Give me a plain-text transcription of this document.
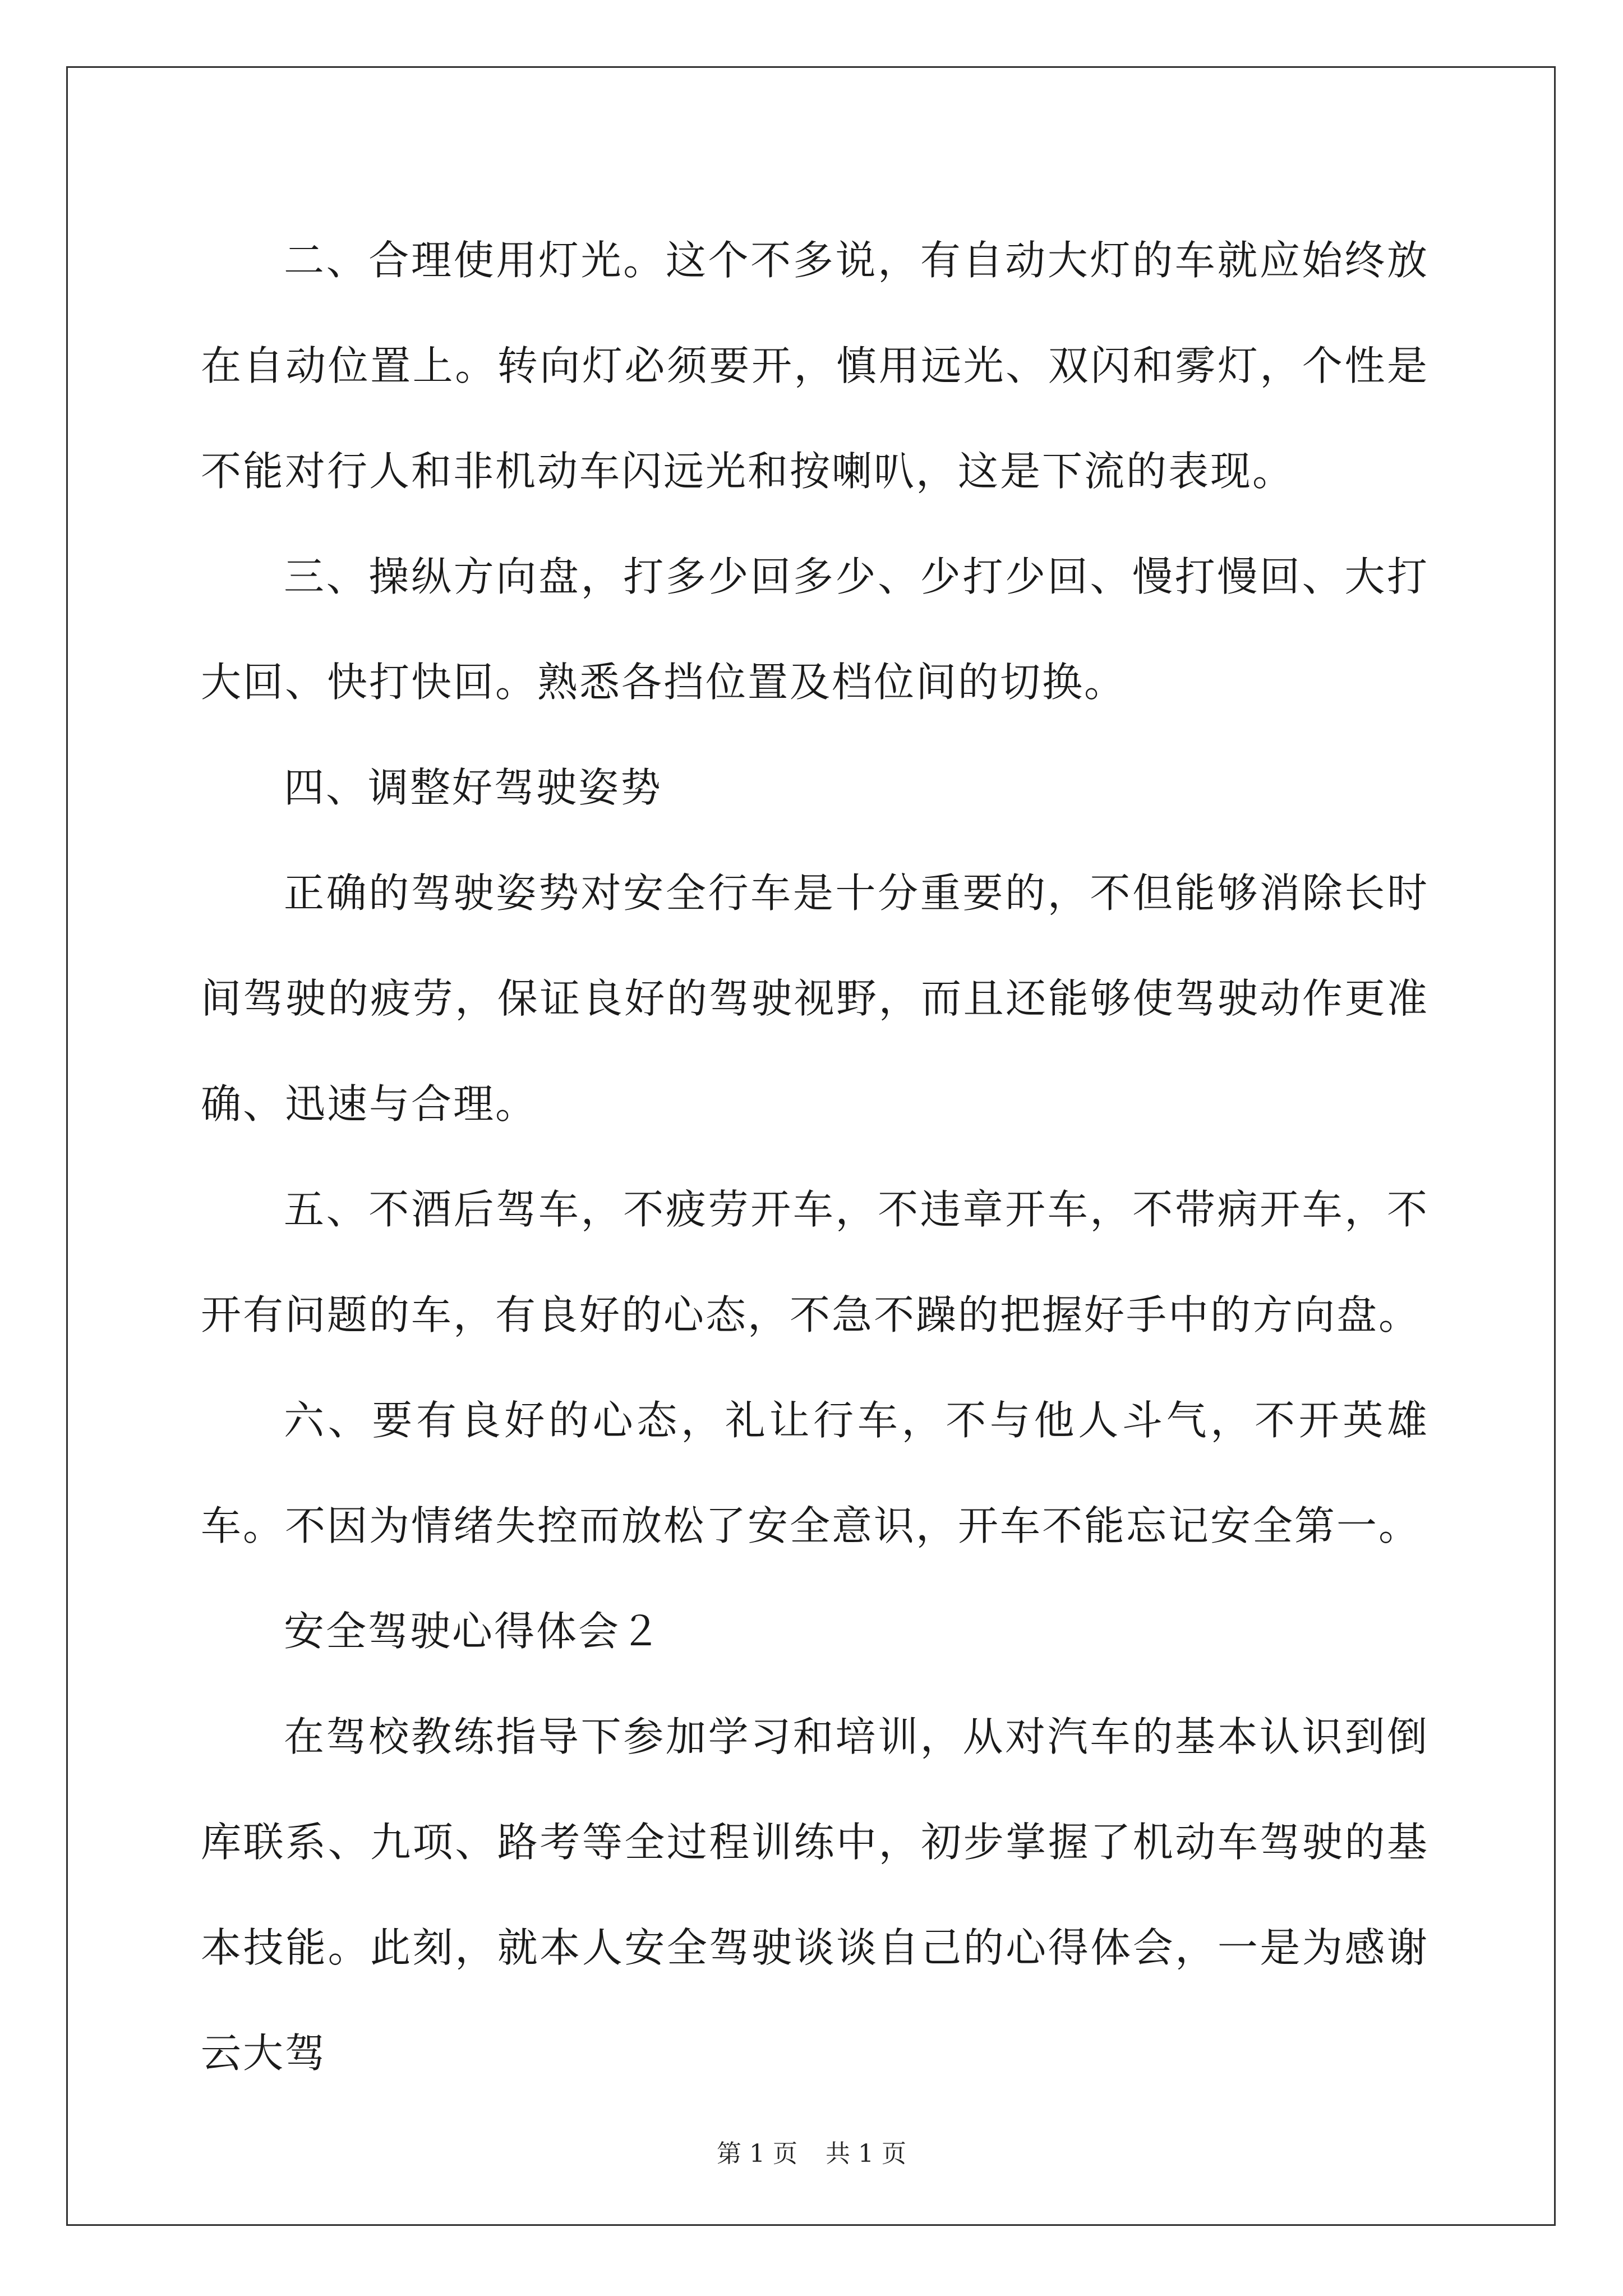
二、合理使用灯光。这个不多说，有自动大灯的车就应始终放在自动位置上。转向灯必须要开，慎用远光、双闪和雾灯，个性是不能对行人和非机动车闪远光和按喇叭，这是下流的表现。

三、操纵方向盘，打多少回多少、少打少回、慢打慢回、大打大回、快打快回。熟悉各挡位置及档位间的切换。

四、调整好驾驶姿势

正确的驾驶姿势对安全行车是十分重要的，不但能够消除长时间驾驶的疲劳，保证良好的驾驶视野，而且还能够使驾驶动作更准确、迅速与合理。

五、不酒后驾车，不疲劳开车，不违章开车，不带病开车，不开有问题的车，有良好的心态，不急不躁的把握好手中的方向盘。

六、要有良好的心态，礼让行车，不与他人斗气，不开英雄车。不因为情绪失控而放松了安全意识，开车不能忘记安全第一。

安全驾驶心得体会２

在驾校教练指导下参加学习和培训，从对汽车的基本认识到倒库联系、九项、路考等全过程训练中，初步掌握了机动车驾驶的基本技能。此刻，就本人安全驾驶谈谈自己的心得体会，一是为感谢云大驾

第 1 页 共 1 页
